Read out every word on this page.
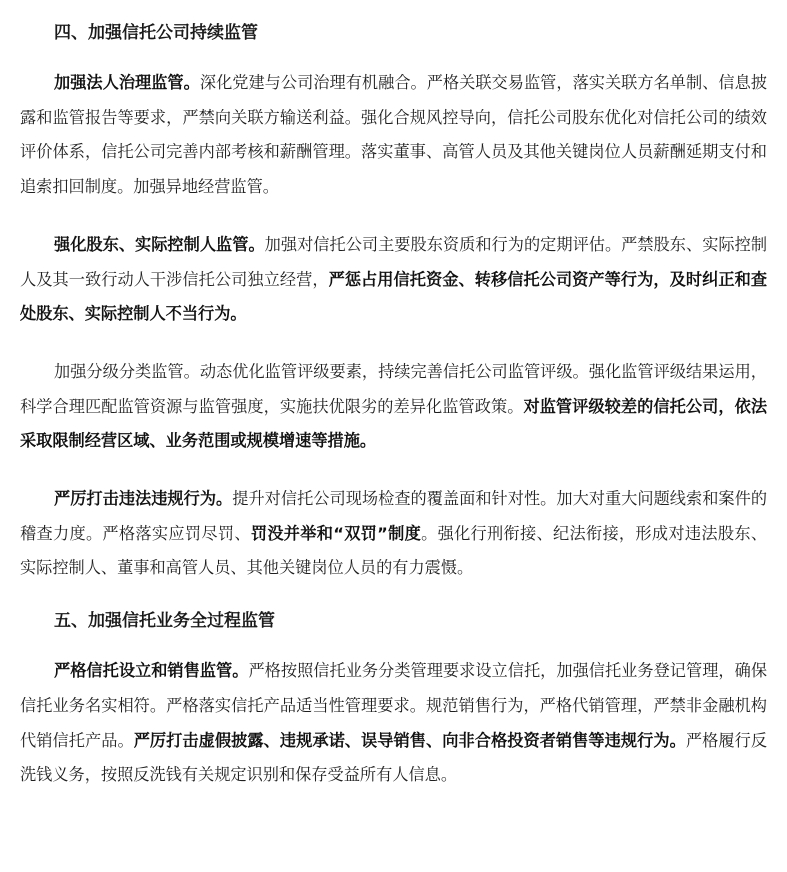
四、加强信托公司持续监管

加强法人治理监管。深化党建与公司治理有机融合。严格关联交易监管，落实关联方名单制、信息披露和监管报告等要求，严禁向关联方输送利益。强化合规风控导向，信托公司股东优化对信托公司的绩效评价体系，信托公司完善内部考核和薪酬管理。落实董事、高管人员及其他关键岗位人员薪酬延期支付和追索扣回制度。加强异地经营监管。

强化股东、实际控制人监管。加强对信托公司主要股东资质和行为的定期评估。严禁股东、实际控制人及其一致行动人干涉信托公司独立经营，严惩占用信托资金、转移信托公司资产等行为，及时纠正和查处股东、实际控制人不当行为。

加强分级分类监管。动态优化监管评级要素，持续完善信托公司监管评级。强化监管评级结果运用，科学合理匹配监管资源与监管强度，实施扶优限劣的差异化监管政策。对监管评级较差的信托公司，依法采取限制经营区域、业务范围或规模增速等措施。

严厉打击违法违规行为。提升对信托公司现场检查的覆盖面和针对性。加大对重大问题线索和案件的稽查力度。严格落实应罚尽罚、罚没并举和“双罚”制度。强化行刑衔接、纪法衔接，形成对违法股东、实际控制人、董事和高管人员、其他关键岗位人员的有力震慑。

五、加强信托业务全过程监管

严格信托设立和销售监管。严格按照信托业务分类管理要求设立信托，加强信托业务登记管理，确保信托业务名实相符。严格落实信托产品适当性管理要求。规范销售行为，严格代销管理，严禁非金融机构代销信托产品。严厉打击虚假披露、违规承诺、误导销售、向非合格投资者销售等违规行为。严格履行反洗钱义务，按照反洗钱有关规定识别和保存受益所有人信息。
